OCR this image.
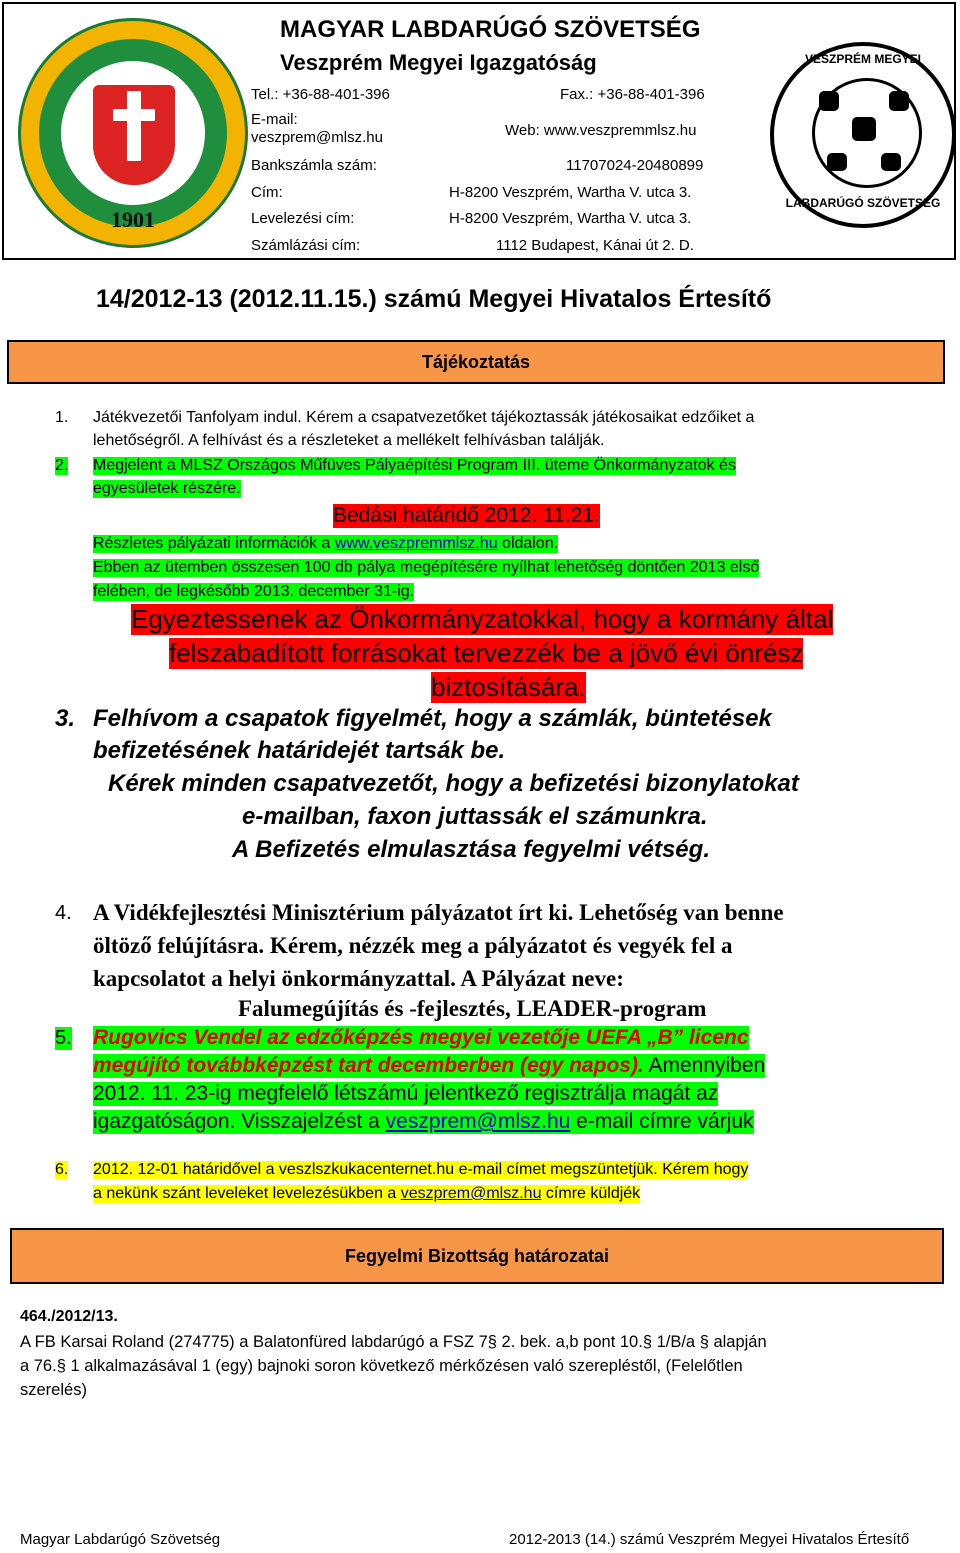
1901
MAGYAR LABDARÚGÓ SZÖVETSÉG
Veszprém Megyei Igazgatóság
Tel.: +36-88-401-396	Fax.: +36-88-401-396
E-mail:
veszprem@mlsz.hu	Web: www.veszpremmlsz.hu
Bankszámla szám:	11707024-20480899
Cím:	H-8200 Veszprém, Wartha V. utca 3.
Levelezési cím:	H-8200 Veszprém, Wartha V. utca 3.
Számlázási cím:	1112 Budapest, Kánai út 2. D.
VESZPRÉM MEGYEI
LABDARÚGÓ SZÖVETSÉG
14/2012-13 (2012.11.15.) számú Megyei Hivatalos Értesítő
Tájékoztatás
1. Játékvezetői Tanfolyam indul. Kérem a csapatvezetőket tájékoztassák játékosaikat edzőiket a
lehetőségről. A felhívást és a részleteket a mellékelt felhívásban találják.
2. Megjelent a MLSZ Országos Műfüves Pályaépítési Program III. üteme Önkormányzatok és
egyesületek részére.
Bedási határidő 2012. 11.21.
Részletes pályázati információk a www.veszpremmlsz.hu oldalon.
Ebben az ütemben összesen 100 db pálya megépítésére nyílhat lehetőség döntően 2013 első
felében, de legkésőbb 2013. december 31-ig.
Egyeztessenek az Önkormányzatokkal, hogy a kormány által
felszabadított forrásokat tervezzék be a jövő évi önrész
biztosítására.
3. Felhívom a csapatok figyelmét, hogy a számlák, büntetések
befizetésének határidejét tartsák be.
Kérek minden csapatvezetőt, hogy a befizetési bizonylatokat
e-mailban, faxon juttassák el számunkra.
A Befizetés elmulasztása fegyelmi vétség.
4. A Vidékfejlesztési Minisztérium pályázatot írt ki. Lehetőség van benne
öltöző felújításra. Kérem, nézzék meg a pályázatot és vegyék fel a
kapcsolatot a helyi önkormányzattal. A Pályázat neve:
Falumegújítás és -fejlesztés, LEADER-program
5. Rugovics Vendel az edzőképzés megyei vezetője UEFA „B” licenc
megújító továbbképzést tart decemberben (egy napos). Amennyiben
2012. 11. 23-ig megfelelő létszámú jelentkező regisztrálja magát az
igazgatóságon. Visszajelzést a veszprem@mlsz.hu e-mail címre várjuk
6. 2012. 12-01 határidővel a veszlszkukacenternet.hu e-mail címet megszüntetjük. Kérem hogy
a nekünk szánt leveleket levelezésükben a veszprem@mlsz.hu címre küldjék
Fegyelmi Bizottság határozatai
464./2012/13.
A FB Karsai Roland (274775) a Balatonfüred labdarúgó a FSZ 7§ 2. bek. a,b pont 10.§ 1/B/a § alapján
a 76.§ 1 alkalmazásával 1 (egy) bajnoki soron következő mérkőzésen való szerepléstől, (Felelőtlen
szerelés)
Magyar Labdarúgó Szövetség	2012-2013 (14.) számú Veszprém Megyei Hivatalos Értesítő
